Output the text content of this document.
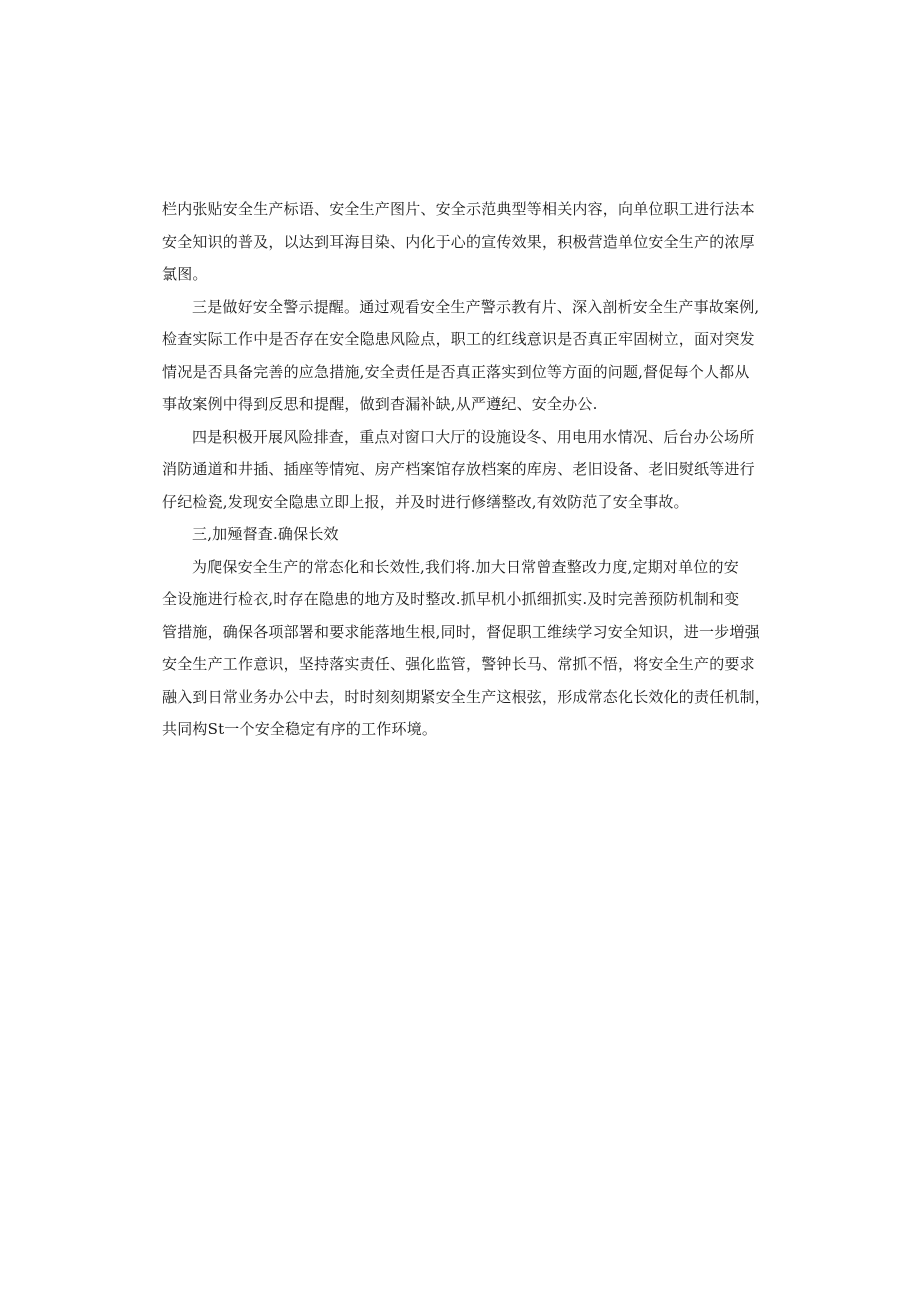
栏内张贴安全生产标语、安全生产图片、安全示范典型等相关内容，向单位职工进行法本
安全知识的普及，以达到耳海目染、内化于心的宣传效果，积极营造单位安全生产的浓厚
氯图。
三是做好安全警示提醒。通过观看安全生产警示教有片、深入剖析安全生产事故案例,
检查实际工作中是否存在安全隐患风险点，职工的红线意识是否真正牢固树立，面对突发
情况是否具备完善的应急措施,安全责任是否真正落实到位等方面的问题,督促每个人都从
事故案例中得到反思和提醒，做到杳漏补缺,从严遵纪、安全办公.
四是积极开展风险排查，重点对窗口大厅的设施设冬、用电用水情况、后台办公场所
消防通道和井插、插座等情宛、房产档案馆存放档案的库房、老旧设备、老旧熨纸等进行
仔纪检瓷,发现安全隐患立即上报，并及时进行修缮整改,有效防范了安全事故。
三,加殛督査.确保长效
为爬保安全生产的常态化和长效性,我们将.加大日常曾查整改力度,定期对单位的安
全设施进行检衣,时存在隐患的地方及时整改.抓早机小抓细抓实.及时完善预防机制和变
管措施，确保各项部署和要求能落地生根,同时，督促职工维续学习安全知识，进一步増强
安全生产工作意识，坚持落实责任、强化监管，警钟长马、常抓不悟，将安全生产的要求
融入到日常业务办公中去，时时刻刻期紧安全生产这根弦，形成常态化长效化的责任机制，
共同构St一个安全稳定有序的工作环境。
